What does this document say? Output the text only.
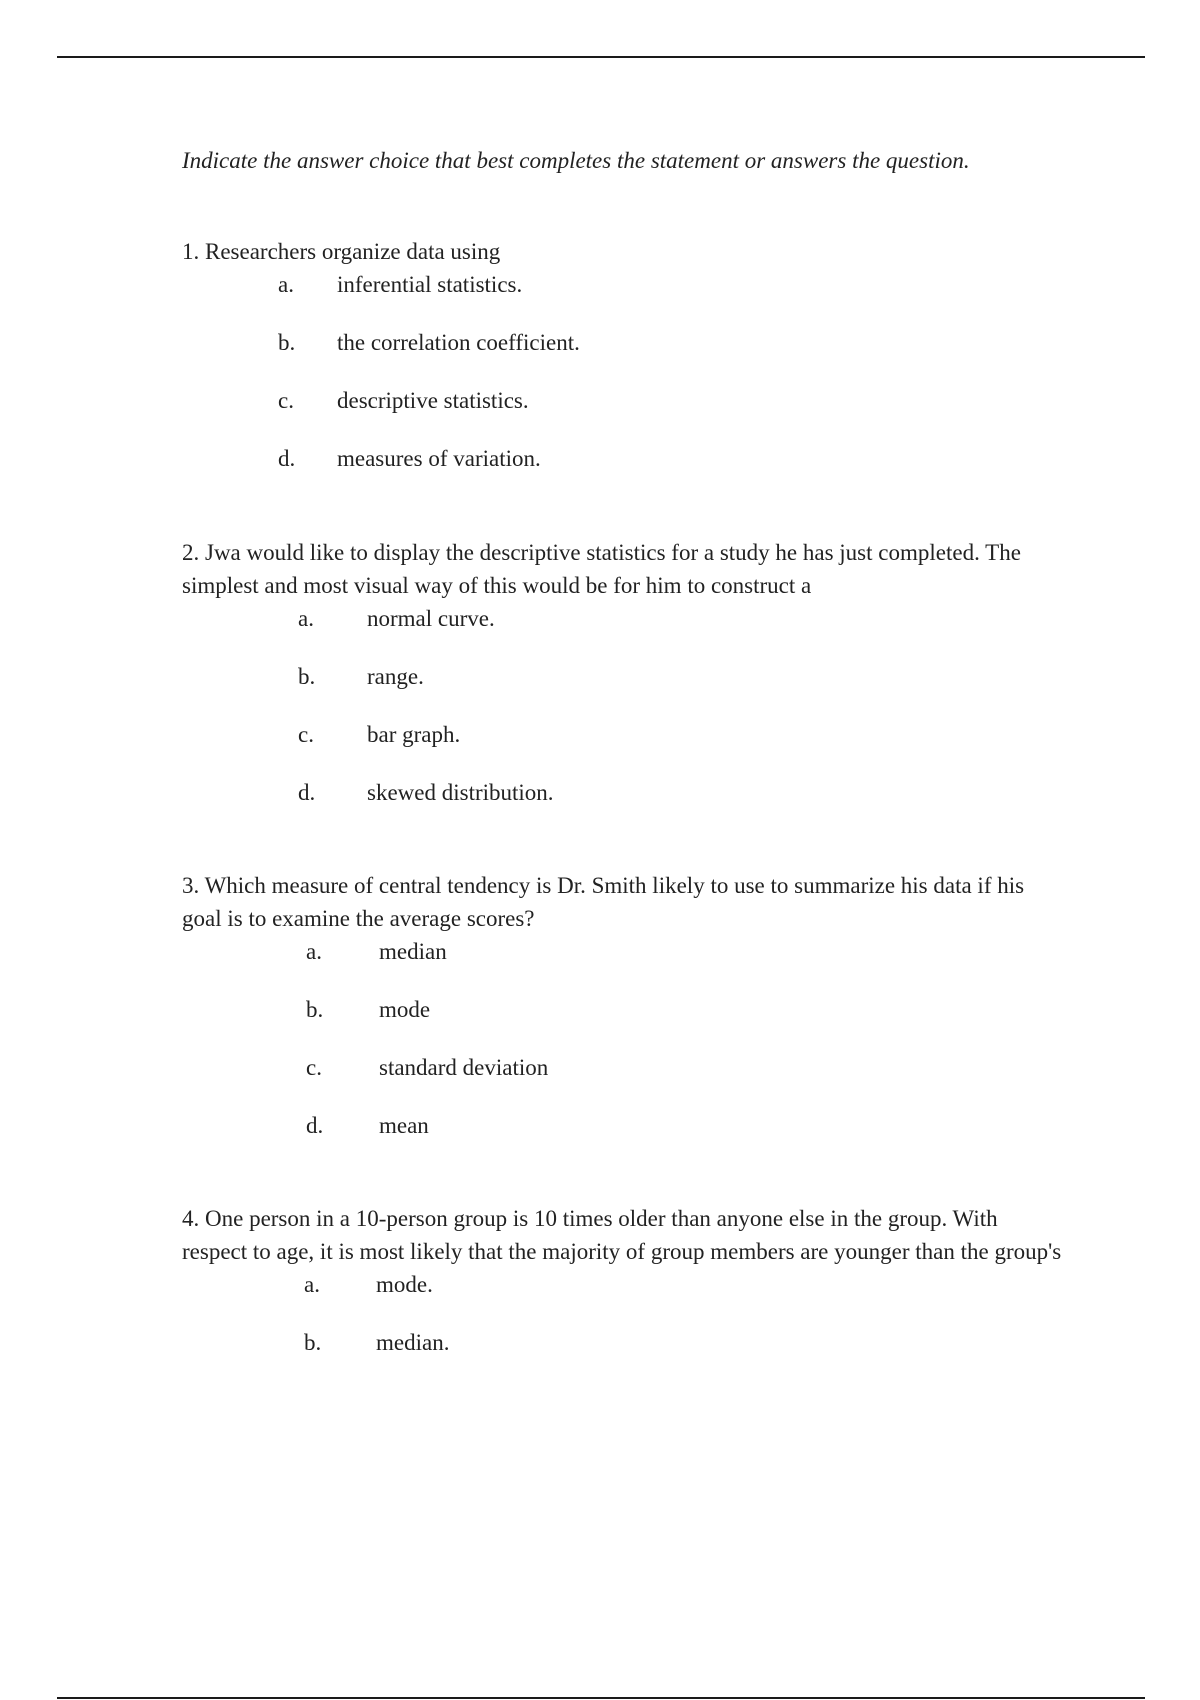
Indicate the answer choice that best completes the statement or answers the question.

1. Researchers organize data using

a. inferential statistics.
b. the correlation coefficient.
c. descriptive statistics.
d. measures of variation.

2. Jwa would like to display the descriptive statistics for a study he has just completed. The simplest and most visual way of this would be for him to construct a

a. normal curve.
b. range.
c. bar graph.
d. skewed distribution.

3. Which measure of central tendency is Dr. Smith likely to use to summarize his data if his goal is to examine the average scores?

a. median
b. mode
c. standard deviation
d. mean

4. One person in a 10-person group is 10 times older than anyone else in the group. With respect to age, it is most likely that the majority of group members are younger than the group's

a. mode.
b. median.
